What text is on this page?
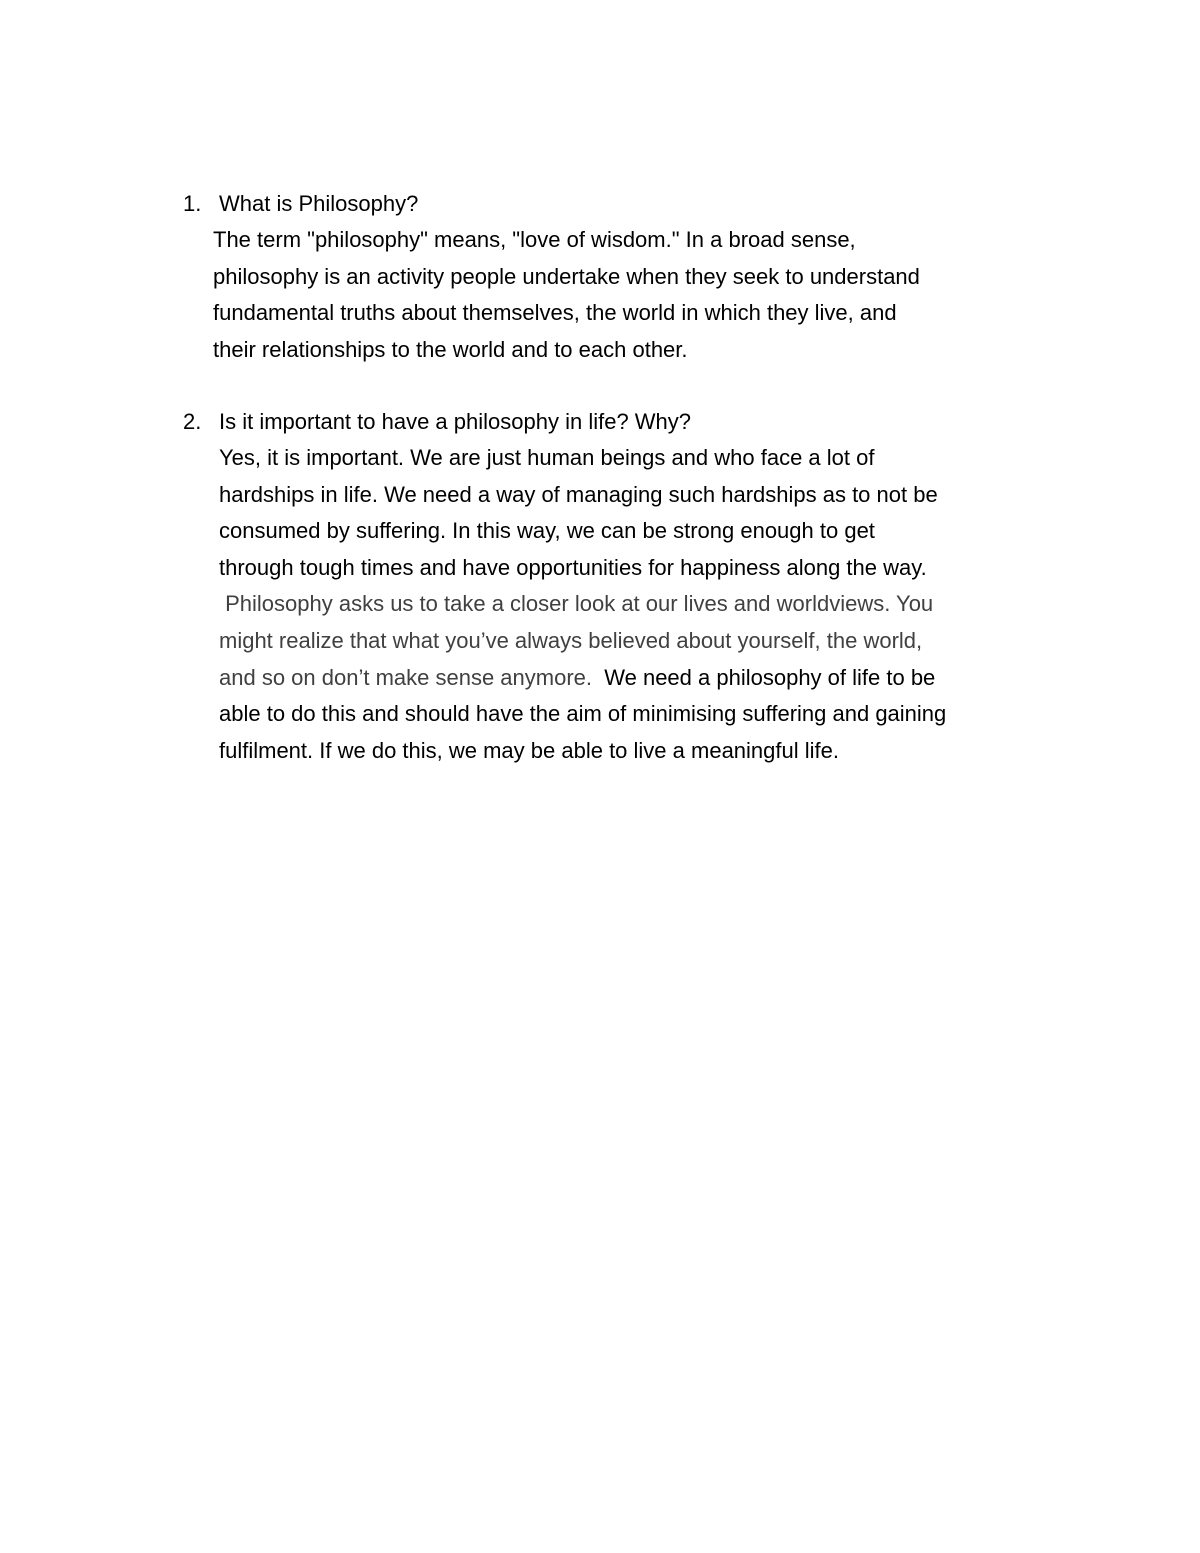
1. What is Philosophy?
The term "philosophy" means, "love of wisdom." In a broad sense,
philosophy is an activity people undertake when they seek to understand
fundamental truths about themselves, the world in which they live, and
their relationships to the world and to each other.
2. Is it important to have a philosophy in life? Why?
Yes, it is important. We are just human beings and who face a lot of
hardships in life. We need a way of managing such hardships as to not be
consumed by suffering. In this way, we can be strong enough to get
through tough times and have opportunities for happiness along the way.
Philosophy asks us to take a closer look at our lives and worldviews. You
might realize that what you’ve always believed about yourself, the world,
and so on don’t make sense anymore. We need a philosophy of life to be
able to do this and should have the aim of minimising suffering and gaining
fulfilment. If we do this, we may be able to live a meaningful life.
